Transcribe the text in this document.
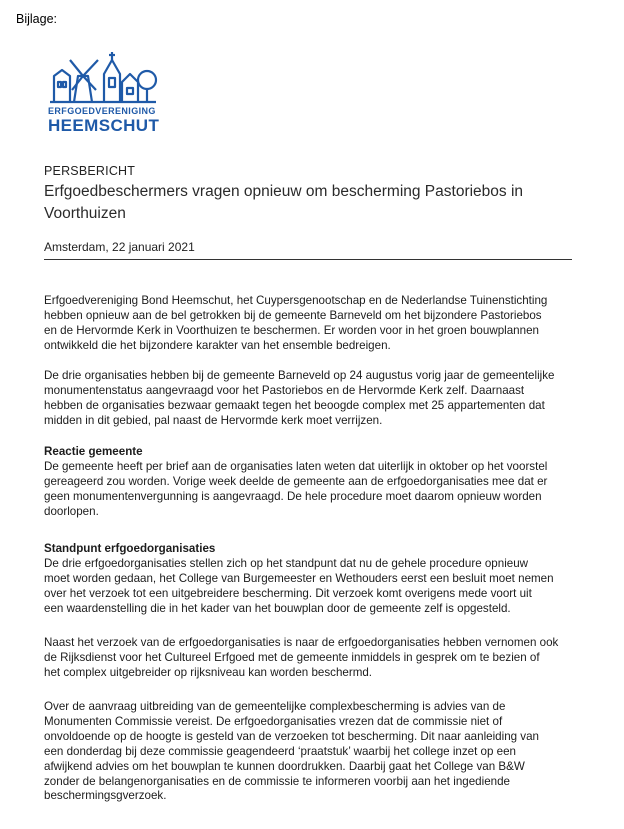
Bijlage:
ERFGOEDVERENIGING
HEEMSCHUT
PERSBERICHT
Erfgoedbeschermers vragen opnieuw om bescherming Pastoriebos in
Voorthuizen
Amsterdam, 22 januari 2021
Erfgoedvereniging Bond Heemschut, het Cuypersgenootschap en de Nederlandse Tuinenstichting
hebben opnieuw aan de bel getrokken bij de gemeente Barneveld om het bijzondere Pastoriebos
en de Hervormde Kerk in Voorthuizen te beschermen. Er worden voor in het groen bouwplannen
ontwikkeld die het bijzondere karakter van het ensemble bedreigen.
De drie organisaties hebben bij de gemeente Barneveld op 24 augustus vorig jaar de gemeentelijke
monumentenstatus aangevraagd voor het Pastoriebos en de Hervormde Kerk zelf. Daarnaast
hebben de organisaties bezwaar gemaakt tegen het beoogde complex met 25 appartementen dat
midden in dit gebied, pal naast de Hervormde kerk moet verrijzen.
Reactie gemeente
De gemeente heeft per brief aan de organisaties laten weten dat uiterlijk in oktober op het voorstel
gereageerd zou worden. Vorige week deelde de gemeente aan de erfgoedorganisaties mee dat er
geen monumentenvergunning is aangevraagd. De hele procedure moet daarom opnieuw worden
doorlopen.
Standpunt erfgoedorganisaties
De drie erfgoedorganisaties stellen zich op het standpunt dat nu de gehele procedure opnieuw
moet worden gedaan, het College van Burgemeester en Wethouders eerst een besluit moet nemen
over het verzoek tot een uitgebreidere bescherming. Dit verzoek komt overigens mede voort uit
een waardenstelling die in het kader van het bouwplan door de gemeente zelf is opgesteld.
Naast het verzoek van de erfgoedorganisaties is naar de erfgoedorganisaties hebben vernomen ook
de Rijksdienst voor het Cultureel Erfgoed met de gemeente inmiddels in gesprek om te bezien of
het complex uitgebreider op rijksniveau kan worden beschermd.
Over de aanvraag uitbreiding van de gemeentelijke complexbescherming is advies van de
Monumenten Commissie vereist. De erfgoedorganisaties vrezen dat de commissie niet of
onvoldoende op de hoogte is gesteld van de verzoeken tot bescherming. Dit naar aanleiding van
een donderdag bij deze commissie geagendeerd ‘praatstuk’ waarbij het college inzet op een
afwijkend advies om het bouwplan te kunnen doordrukken. Daarbij gaat het College van B&W
zonder de belangenorganisaties en de commissie te informeren voorbij aan het ingediende
beschermingsgverzoek.
